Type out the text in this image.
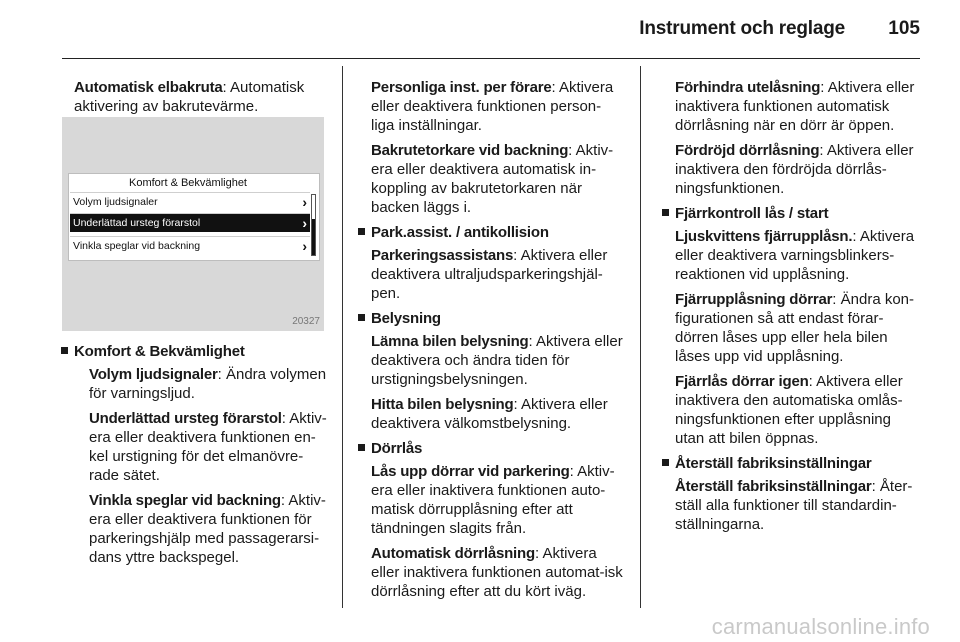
Instrument och reglage 105

Automatisk elbakruta: Automatisk aktivering av bakrutevärme.

Komfort & Bekvämlighet
Volym ljudsignaler	›
Underlättad ursteg förarstol	›
Vinkla speglar vid backning	›
20327
Komfort & Bekvämlighet

Volym ljudsignaler: Ändra volymen för varningsljud.

Underlättad ursteg förarstol: Aktiv-era eller deaktivera funktionen en-kel urstigning för det elmanövre-rade sätet.

Vinkla speglar vid backning: Aktiv-era eller deaktivera funktionen för parkeringshjälp med passagerarsi-dans yttre backspegel.

Personliga inst. per förare: Aktivera eller deaktivera funktionen person-liga inställningar.

Bakrutetorkare vid backning: Aktiv-era eller deaktivera automatisk in-koppling av bakrutetorkaren när backen läggs i.

Park.assist. / antikollision

Parkeringsassistans: Aktivera eller deaktivera ultraljudsparkeringshjäl-pen.

Belysning

Lämna bilen belysning: Aktivera eller deaktivera och ändra tiden för urstigningsbelysningen.

Hitta bilen belysning: Aktivera eller deaktivera välkomstbelysning.

Dörrlås

Lås upp dörrar vid parkering: Aktiv-era eller inaktivera funktionen auto-matisk dörrupplåsning efter att tändningen slagits från.

Automatisk dörrlåsning: Aktivera eller inaktivera funktionen automat-isk dörrlåsning efter att du kört iväg.

Förhindra utelåsning: Aktivera eller inaktivera funktionen automatisk dörrlåsning när en dörr är öppen.

Fördröjd dörrlåsning: Aktivera eller inaktivera den fördröjda dörrlås-ningsfunktionen.

Fjärrkontroll lås / start

Ljuskvittens fjärrupplåsn.: Aktivera eller deaktivera varningsblinkers-reaktionen vid upplåsning.

Fjärrupplåsning dörrar: Ändra kon-figurationen så att endast förar-dörren låses upp eller hela bilen låses upp vid upplåsning.

Fjärrlås dörrar igen: Aktivera eller inaktivera den automatiska omlås-ningsfunktionen efter upplåsning utan att bilen öppnas.

Återställ fabriksinställningar

Återställ fabriksinställningar: Åter-ställ alla funktioner till standardin-ställningarna.

carmanualsonline.info
